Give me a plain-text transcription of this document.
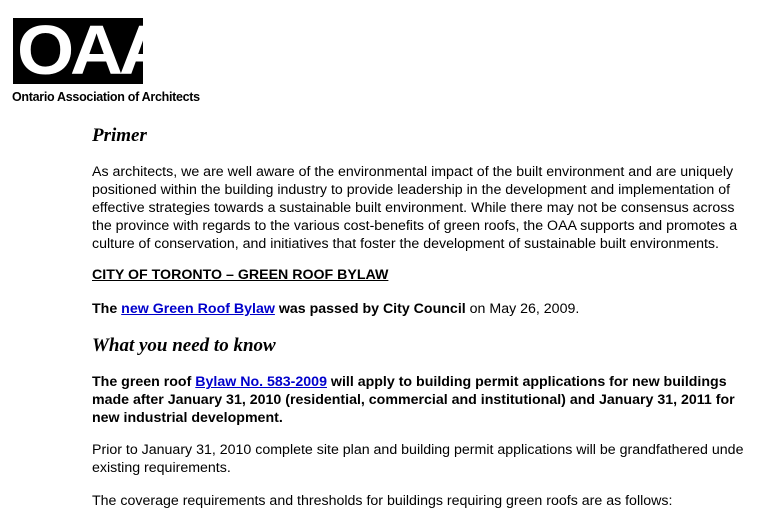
OAA
Ontario Association of Architects
Primer
As architects, we are well aware of the environmental impact of the built environment and are uniquely
positioned within the building industry to provide leadership in the development and implementation of
effective strategies towards a sustainable built environment. While there may not be consensus across
the province with regards to the various cost-benefits of green roofs, the OAA supports and promotes a
culture of conservation, and initiatives that foster the development of sustainable built environments.
CITY OF TORONTO – GREEN ROOF BYLAW
The new Green Roof Bylaw was passed by City Council on May 26, 2009.
What you need to know
The green roof Bylaw No. 583-2009 will apply to building permit applications for new buildings
made after January 31, 2010 (residential, commercial and institutional) and January 31, 2011 for
new industrial development.
Prior to January 31, 2010 complete site plan and building permit applications will be grandfathered unde
existing requirements.
The coverage requirements and thresholds for buildings requiring green roofs are as follows:
